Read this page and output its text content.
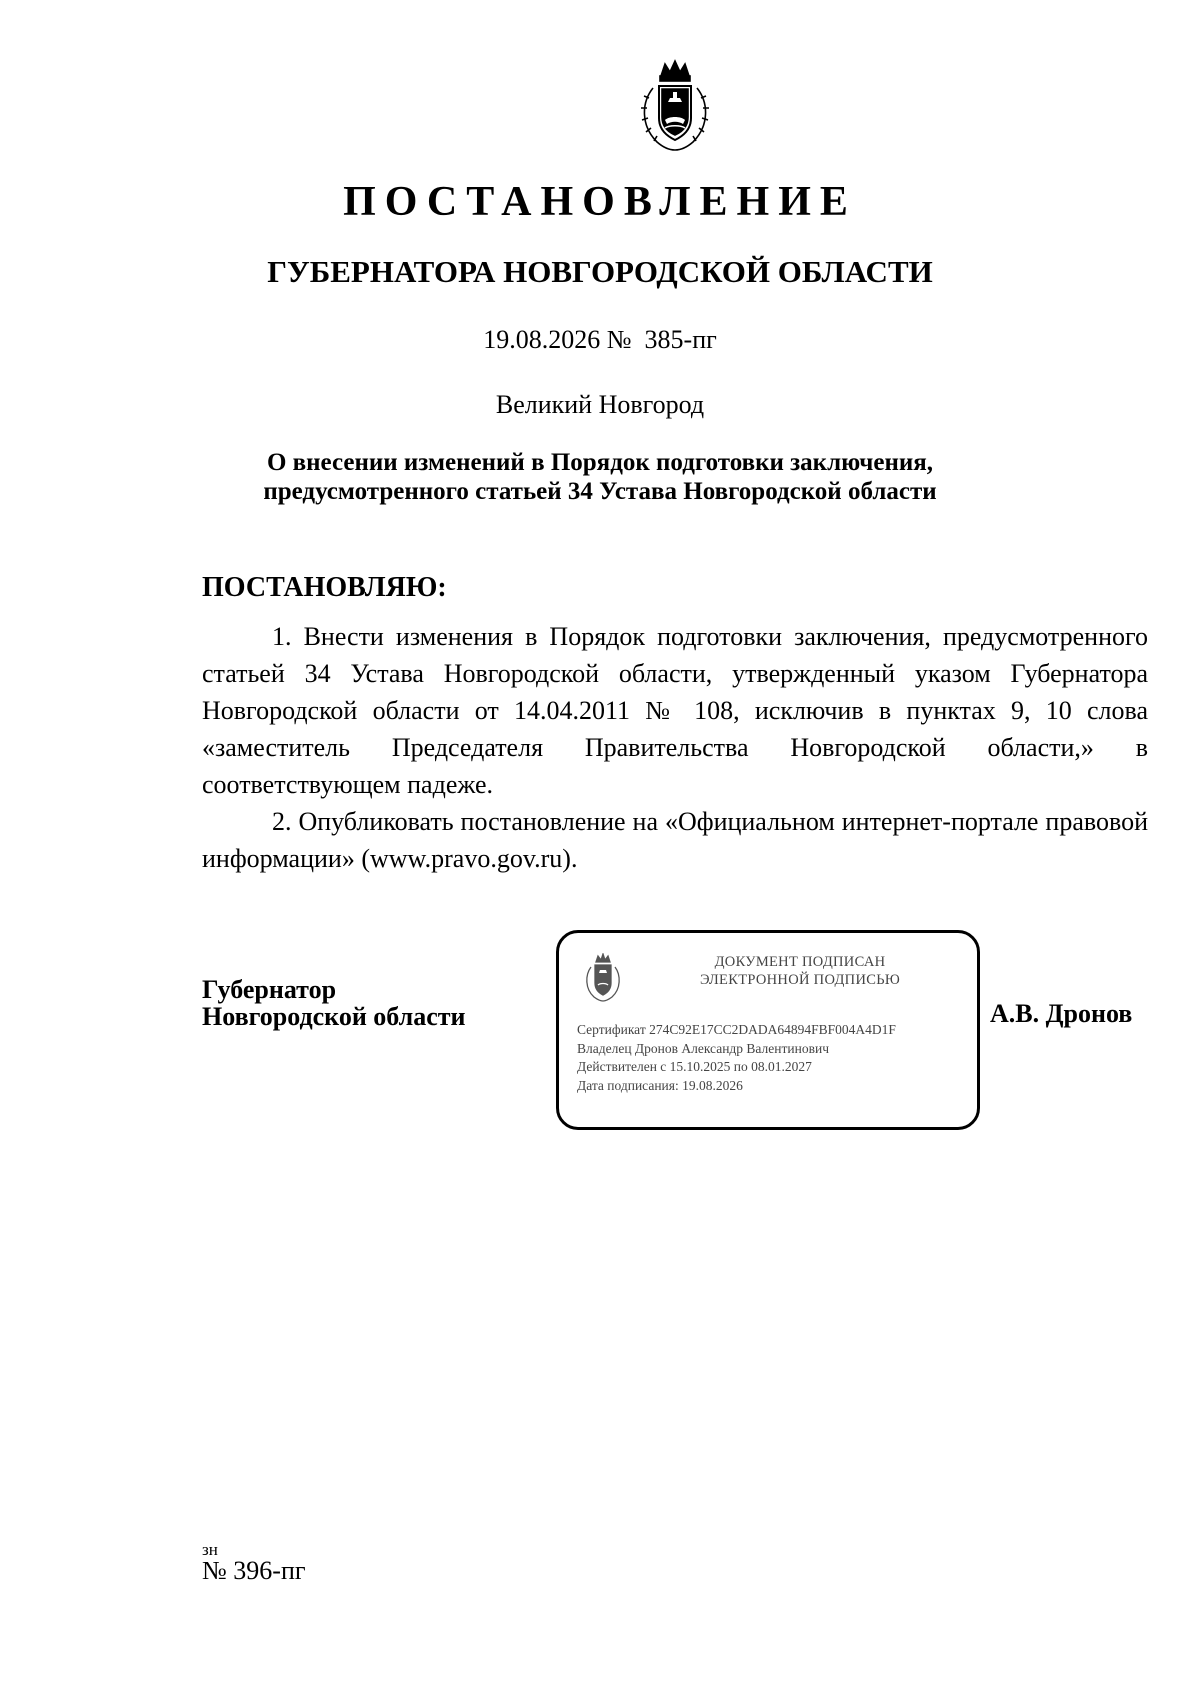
ПОСТАНОВЛЕНИЕ
ГУБЕРНАТОРА НОВГОРОДСКОЙ ОБЛАСТИ
19.08.2026 № 385-пг
Великий Новгород
О внесении изменений в Порядок подготовки заключения,
предусмотренного статьей 34 Устава Новгородской области
ПОСТАНОВЛЯЮ:

1. Внести изменения в Порядок подготовки заключения, предусмотренного статьей 34 Устава Новгородской области, утвержденный указом Губернатора Новгородской области от 14.04.2011 № 108, исключив в пунктах 9, 10 слова «заместитель Председателя Правительства Новгородской области,» в соответствующем падеже.

2. Опубликовать постановление на «Официальном интернет-портале правовой информации» (www.pravo.gov.ru).

Губернатор
Новгородской области
ДОКУМЕНТ ПОДПИСАН
ЭЛЕКТРОННОЙ ПОДПИСЬЮ
Сертификат 274C92E17CC2DADA64894FBF004A4D1F
Владелец Дронов Александр Валентинович
Действителен с 15.10.2025 по 08.01.2027
Дата подписания: 19.08.2026
А.В. Дронов
зн
№ 396-пг
